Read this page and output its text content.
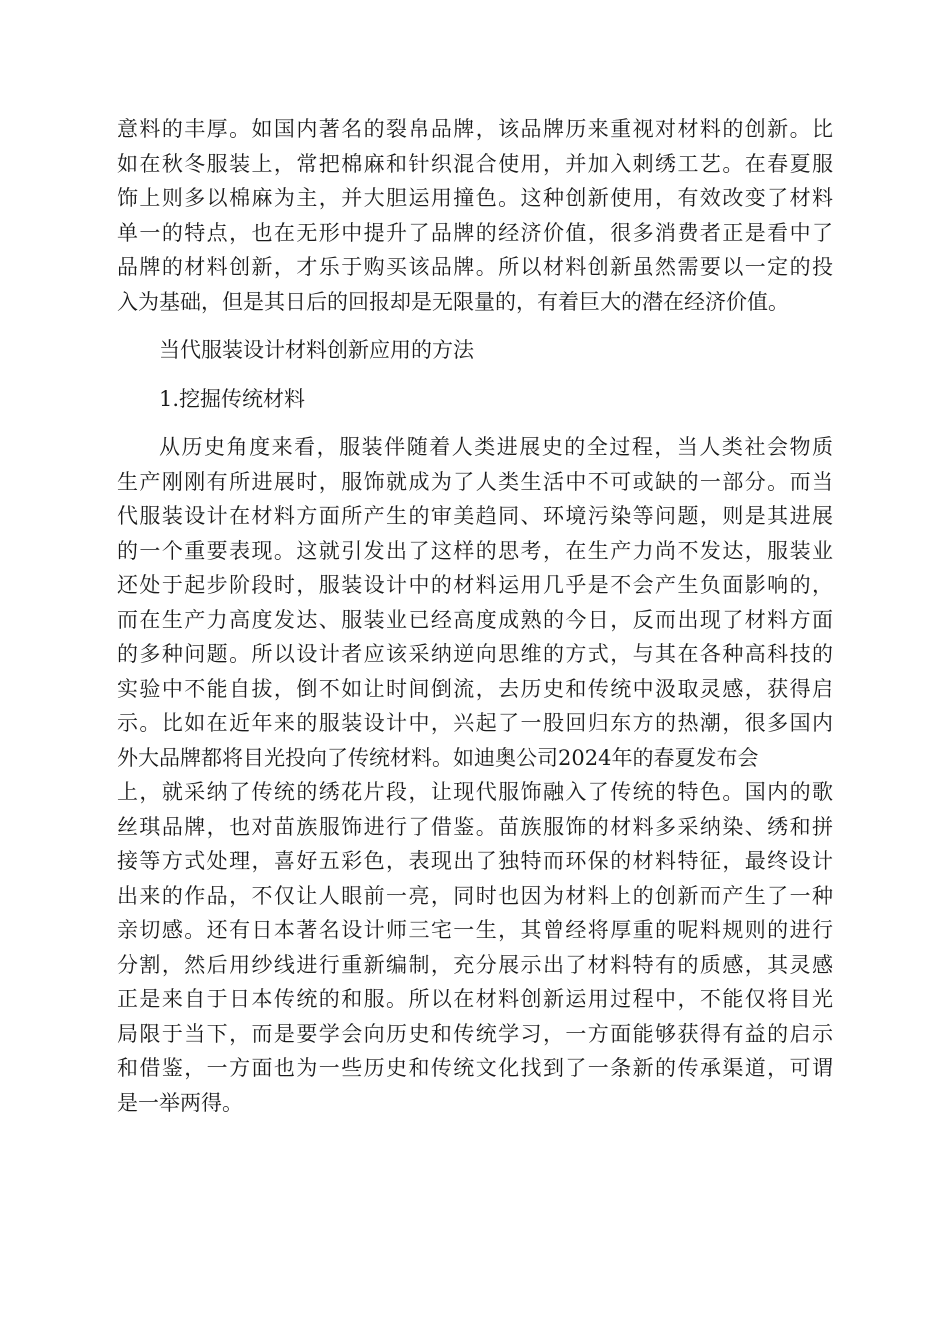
意料的丰厚。如国内著名的裂帛品牌，该品牌历来重视对材料的创新。比
如在秋冬服装上，常把棉麻和针织混合使用，并加入刺绣工艺。在春夏服
饰上则多以棉麻为主，并大胆运用撞色。这种创新使用，有效改变了材料
单一的特点，也在无形中提升了品牌的经济价值，很多消费者正是看中了
品牌的材料创新，才乐于购买该品牌。所以材料创新虽然需要以一定的投
入为基础，但是其日后的回报却是无限量的，有着巨大的潜在经济价值。
当代服装设计材料创新应用的方法
1.挖掘传统材料
从历史角度来看，服装伴随着人类进展史的全过程，当人类社会物质
生产刚刚有所进展时，服饰就成为了人类生活中不可或缺的一部分。而当
代服装设计在材料方面所产生的审美趋同、环境污染等问题，则是其进展
的一个重要表现。这就引发出了这样的思考，在生产力尚不发达，服装业
还处于起步阶段时，服装设计中的材料运用几乎是不会产生负面影响的，
而在生产力高度发达、服装业已经高度成熟的今日，反而出现了材料方面
的多种问题。所以设计者应该采纳逆向思维的方式，与其在各种高科技的
实验中不能自拔，倒不如让时间倒流，去历史和传统中汲取灵感，获得启
示。比如在近年来的服装设计中，兴起了一股回归东方的热潮，很多国内
外大品牌都将目光投向了传统材料。如迪奥公司2024年的春夏发布会
上，就采纳了传统的绣花片段，让现代服饰融入了传统的特色。国内的歌
丝琪品牌，也对苗族服饰进行了借鉴。苗族服饰的材料多采纳染、绣和拼
接等方式处理，喜好五彩色，表现出了独特而环保的材料特征，最终设计
出来的作品，不仅让人眼前一亮，同时也因为材料上的创新而产生了一种
亲切感。还有日本著名设计师三宅一生，其曾经将厚重的呢料规则的进行
分割，然后用纱线进行重新编制，充分展示出了材料特有的质感，其灵感
正是来自于日本传统的和服。所以在材料创新运用过程中，不能仅将目光
局限于当下，而是要学会向历史和传统学习，一方面能够获得有益的启示
和借鉴，一方面也为一些历史和传统文化找到了一条新的传承渠道，可谓
是一举两得。
